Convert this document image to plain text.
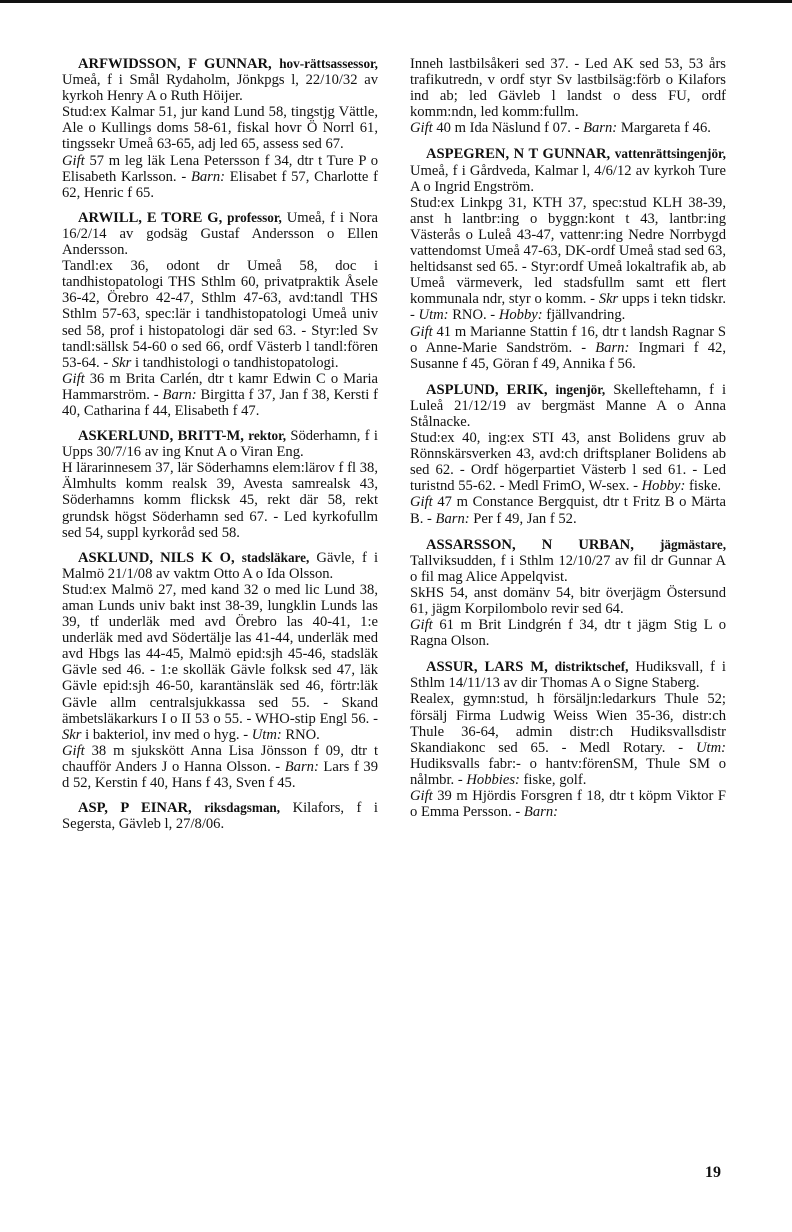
ARFWIDSSON, F GUNNAR, hov-rättsassessor, Umeå, f i Smål Rydaholm, Jönkpgs l, 22/10/32 av kyrkoh Henry A o Ruth Höijer.

Stud:ex Kalmar 51, jur kand Lund 58, tingstjg Vättle, Ale o Kullings doms 58-61, fiskal hovr Ö Norrl 61, tingssekr Umeå 63-65, adj led 65, assess sed 67.

Gift 57 m leg läk Lena Petersson f 34, dtr t Ture P o Elisabeth Karlsson. - Barn: Elisabet f 57, Charlotte f 62, Henric f 65.

ARWILL, E TORE G, professor, Umeå, f i Nora 16/2/14 av godsäg Gustaf Andersson o Ellen Andersson.

Tandl:ex 36, odont dr Umeå 58, doc i tandhistopatologi THS Sthlm 60, privatpraktik Åsele 36-42, Örebro 42-47, Sthlm 47-63, avd:tandl THS Sthlm 57-63, spec:lär i tandhistopatologi Umeå univ sed 58, prof i histopatologi där sed 63. - Styr:led Sv tandl:sällsk 54-60 o sed 66, ordf Västerb l tandl:fören 53-64. - Skr i tandhistologi o tandhistopatologi.

Gift 36 m Brita Carlén, dtr t kamr Edwin C o Maria Hammarström. - Barn: Birgitta f 37, Jan f 38, Kersti f 40, Catharina f 44, Elisabeth f 47.

ASKERLUND, BRITT-M, rektor, Söderhamn, f i Upps 30/7/16 av ing Knut A o Viran Eng.

H lärarinnesem 37, lär Söderhamns elem:lärov f fl 38, Älmhults komm realsk 39, Avesta samrealsk 43, Söderhamns komm flicksk 45, rekt där 58, rekt grundsk högst Söderhamn sed 67. - Led kyrkofullm sed 54, suppl kyrkoråd sed 58.

ASKLUND, NILS K O, stadsläkare, Gävle, f i Malmö 21/1/08 av vaktm Otto A o Ida Olsson.

Stud:ex Malmö 27, med kand 32 o med lic Lund 38, aman Lunds univ bakt inst 38-39, lungklin Lunds las 39, tf underläk med avd Örebro las 40-41, 1:e underläk med avd Södertälje las 41-44, underläk med avd Hbgs las 44-45, Malmö epid:sjh 45-46, stadsläk Gävle sed 46. - 1:e skolläk Gävle folksk sed 47, läk Gävle epid:sjh 46-50, karantänsläk sed 46, förtr:läk Gävle allm centralsjukkassa sed 55. - Skand ämbetsläkarkurs I o II 53 o 55. - WHO-stip Engl 56. - Skr i bakteriol, inv med o hyg. - Utm: RNO.

Gift 38 m sjukskött Anna Lisa Jönsson f 09, dtr t chaufför Anders J o Hanna Olsson. - Barn: Lars f 39 d 52, Kerstin f 40, Hans f 43, Sven f 45.

ASP, P EINAR, riksdagsman, Kilafors, f i Segersta, Gävleb l, 27/8/06.

Inneh lastbilsåkeri sed 37. - Led AK sed 53, 53 års trafikutredn, v ordf styr Sv lastbilsäg:förb o Kilafors ind ab; led Gävleb l landst o dess FU, ordf komm:ndn, led komm:fullm.

Gift 40 m Ida Näslund f 07. - Barn: Margareta f 46.

ASPEGREN, N T GUNNAR, vattenrättsingenjör, Umeå, f i Gårdveda, Kalmar l, 4/6/12 av kyrkoh Ture A o Ingrid Engström.

Stud:ex Linkpg 31, KTH 37, spec:stud KLH 38-39, anst h lantbr:ing o byggn:kont t 43, lantbr:ing Västerås o Luleå 43-47, vattenr:ing Nedre Norrbygd vattendomst Umeå 47-63, DK-ordf Umeå stad sed 63, heltidsanst sed 65. - Styr:ordf Umeå lokaltrafik ab, ab Umeå värmeverk, led stadsfullm samt ett flert kommunala ndr, styr o komm. - Skr upps i tekn tidskr. - Utm: RNO. - Hobby: fjällvandring.

Gift 41 m Marianne Stattin f 16, dtr t landsh Ragnar S o Anne-Marie Sandström. - Barn: Ingmari f 42, Susanne f 45, Göran f 49, Annika f 56.

ASPLUND, ERIK, ingenjör, Skelleftehamn, f i Luleå 21/12/19 av bergmäst Manne A o Anna Stålnacke.

Stud:ex 40, ing:ex STI 43, anst Bolidens gruv ab Rönnskärsverken 43, avd:ch driftsplaner Bolidens ab sed 62. - Ordf högerpartiet Västerb l sed 61. - Led turistnd 55-62. - Medl FrimO, W-sex. - Hobby: fiske.

Gift 47 m Constance Bergquist, dtr t Fritz B o Märta B. - Barn: Per f 49, Jan f 52.

ASSARSSON, N URBAN, jägmästare, Tallviksudden, f i Sthlm 12/10/27 av fil dr Gunnar A o fil mag Alice Appelqvist.

SkHS 54, anst domänv 54, bitr överjägm Östersund 61, jägm Korpilombolo revir sed 64.

Gift 61 m Brit Lindgrén f 34, dtr t jägm Stig L o Ragna Olson.

ASSUR, LARS M, distriktschef, Hudiksvall, f i Sthlm 14/11/13 av dir Thomas A o Signe Staberg.

Realex, gymn:stud, h försäljn:ledarkurs Thule 52; försälj Firma Ludwig Weiss Wien 35-36, distr:ch Thule 36-64, admin distr:ch Hudiksvallsdistr Skandiakonc sed 65. - Medl Rotary. - Utm: Hudiksvalls fabr:- o hantv:förenSM, Thule SM o nålmbr. - Hobbies: fiske, golf.

Gift 39 m Hjördis Forsgren f 18, dtr t köpm Viktor F o Emma Persson. - Barn:

19
